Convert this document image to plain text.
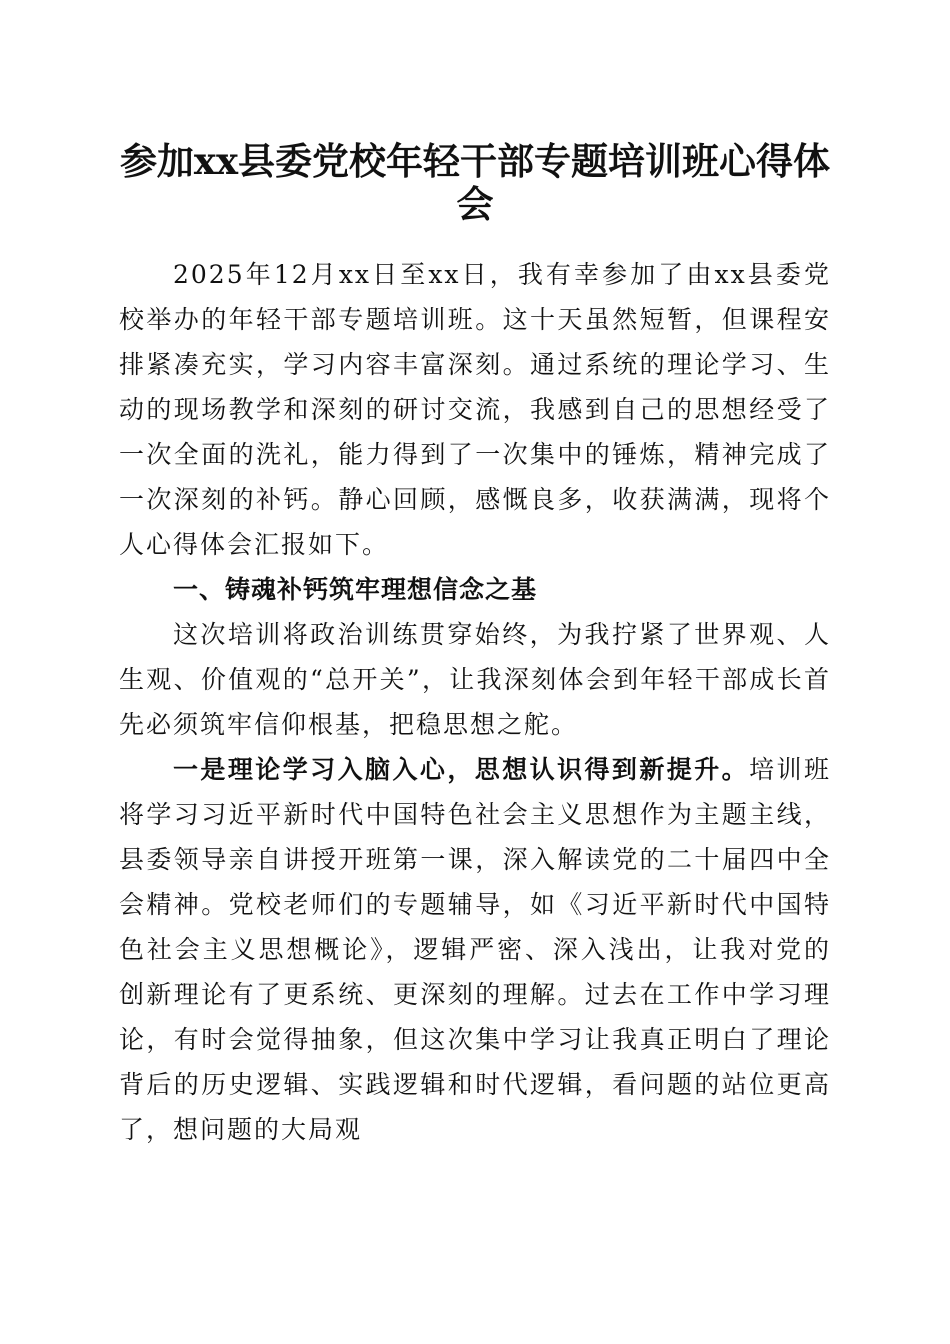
参加xx县委党校年轻干部专题培训班心得体会

2025年12月xx日至xx日，我有幸参加了由xx县委党校举办的年轻干部专题培训班。这十天虽然短暂，但课程安排紧凑充实，学习内容丰富深刻。通过系统的理论学习、生动的现场教学和深刻的研讨交流，我感到自己的思想经受了一次全面的洗礼，能力得到了一次集中的锤炼，精神完成了一次深刻的补钙。静心回顾，感慨良多，收获满满，现将个人心得体会汇报如下。

一、铸魂补钙筑牢理想信念之基

这次培训将政治训练贯穿始终，为我拧紧了世界观、人生观、价值观的“总开关”，让我深刻体会到年轻干部成长首先必须筑牢信仰根基，把稳思想之舵。

一是理论学习入脑入心，思想认识得到新提升。培训班将学习习近平新时代中国特色社会主义思想作为主题主线，县委领导亲自讲授开班第一课，深入解读党的二十届四中全会精神。党校老师们的专题辅导，如《习近平新时代中国特色社会主义思想概论》，逻辑严密、深入浅出，让我对党的创新理论有了更系统、更深刻的理解。过去在工作中学习理论，有时会觉得抽象，但这次集中学习让我真正明白了理论背后的历史逻辑、实践逻辑和时代逻辑，看问题的站位更高了，想问题的大局观
